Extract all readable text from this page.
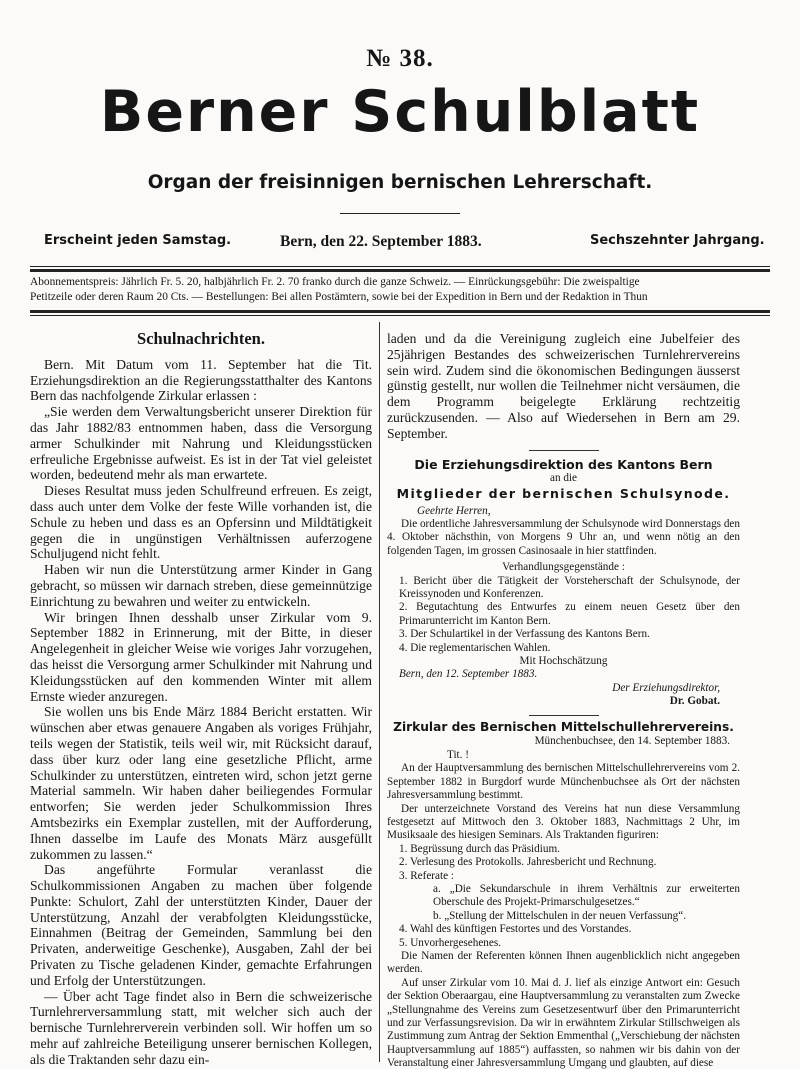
№ 38.
Berner Schulblatt
Organ der freisinnigen bernischen Lehrerschaft.
Erscheint jeden Samstag.	Bern, den 22. September 1883.	Sechszehnter Jahrgang.
Abonnementspreis: Jährlich Fr. 5. 20, halbjährlich Fr. 2. 70 franko durch die ganze Schweiz. — Einrückungsgebühr: Die zweispaltige
Petitzeile oder deren Raum 20 Cts. — Bestellungen: Bei allen Postämtern, sowie bei der Expedition in Bern und der Redaktion in Thun
Schulnachrichten.

Bern. Mit Datum vom 11. September hat die Tit. Erziehungsdirektion an die Regierungsstatthalter des Kantons Bern das nachfolgende Zirkular erlassen :

„Sie werden dem Verwaltungsbericht unserer Direktion für das Jahr 1882/83 entnommen haben, dass die Versorgung armer Schulkinder mit Nahrung und Kleidungsstücken erfreuliche Ergebnisse aufweist. Es ist in der Tat viel geleistet worden, bedeutend mehr als man erwartete.

Dieses Resultat muss jeden Schulfreund erfreuen. Es zeigt, dass auch unter dem Volke der feste Wille vorhanden ist, die Schule zu heben und dass es an Opfersinn und Mildtätigkeit gegen die in ungünstigen Verhältnissen auferzogene Schuljugend nicht fehlt.

Haben wir nun die Unterstützung armer Kinder in Gang gebracht, so müssen wir darnach streben, diese gemeinnützige Einrichtung zu bewahren und weiter zu entwickeln.

Wir bringen Ihnen desshalb unser Zirkular vom 9. September 1882 in Erinnerung, mit der Bitte, in dieser Angelegenheit in gleicher Weise wie voriges Jahr vorzugehen, das heisst die Versorgung armer Schulkinder mit Nahrung und Kleidungsstücken auf den kommenden Winter mit allem Ernste wieder anzuregen.

Sie wollen uns bis Ende März 1884 Bericht erstatten. Wir wünschen aber etwas genauere Angaben als voriges Frühjahr, teils wegen der Statistik, teils weil wir, mit Rücksicht darauf, dass über kurz oder lang eine gesetzliche Pflicht, arme Schulkinder zu unterstützen, eintreten wird, schon jetzt gerne Material sammeln. Wir haben daher beiliegendes Formular entworfen; Sie werden jeder Schulkommission Ihres Amtsbezirks ein Exemplar zustellen, mit der Aufforderung, Ihnen dasselbe im Laufe des Monats März ausgefüllt zukommen zu lassen.“

Das angeführte Formular veranlasst die Schulkommissionen Angaben zu machen über folgende Punkte: Schulort, Zahl der unterstützten Kinder, Dauer der Unterstützung, Anzahl der verabfolgten Kleidungsstücke, Einnahmen (Beitrag der Gemeinden, Sammlung bei den Privaten, anderweitige Geschenke), Ausgaben, Zahl der bei Privaten zu Tische geladenen Kinder, gemachte Erfahrungen und Erfolg der Unterstützungen.

— Über acht Tage findet also in Bern die schweizerische Turnlehrerversammlung statt, mit welcher sich auch der bernische Turnlehrerverein verbinden soll. Wir hoffen um so mehr auf zahlreiche Beteiligung unserer bernischen Kollegen, als die Traktanden sehr dazu ein-

laden und da die Vereinigung zugleich eine Jubelfeier des 25jährigen Bestandes des schweizerischen Turnlehrervereins sein wird. Zudem sind die ökonomischen Bedingungen äusserst günstig gestellt, nur wollen die Teilnehmer nicht versäumen, die dem Programm beigelegte Erklärung rechtzeitig zurückzusenden. — Also auf Wiedersehen in Bern am 29. September.

Die Erziehungsdirektion des Kantons Bern
an die
Mitglieder der bernischen Schulsynode.
Geehrte Herren,
Die ordentliche Jahresversammlung der Schulsynode wird Donnerstags den 4. Oktober nächsthin, von Morgens 9 Uhr an, und wenn nötig an den folgenden Tagen, im grossen Casinosaale in hier stattfinden.
Verhandlungsgegenstände :
1. Bericht über die Tätigkeit der Vorsteherschaft der Schulsynode, der Kreissynoden und Konferenzen.
2. Begutachtung des Entwurfes zu einem neuen Gesetz über den Primarunterricht im Kanton Bern.
3. Der Schulartikel in der Verfassung des Kantons Bern.
4. Die reglementarischen Wahlen.
Mit Hochschätzung
Bern, den 12. September 1883.
Der Erziehungsdirektor,
Dr. Gobat.
Zirkular des Bernischen Mittelschullehrervereins.
Münchenbuchsee, den 14. September 1883.
Tit. !
An der Hauptversammlung des bernischen Mittelschullehrervereins vom 2. September 1882 in Burgdorf wurde Münchenbuchsee als Ort der nächsten Jahresversammlung bestimmt.
Der unterzeichnete Vorstand des Vereins hat nun diese Versammlung festgesetzt auf Mittwoch den 3. Oktober 1883, Nachmittags 2 Uhr, im Musiksaale des hiesigen Seminars. Als Traktanden figuriren:
1. Begrüssung durch das Präsidium.
2. Verlesung des Protokolls. Jahresbericht und Rechnung.
3. Referate :
a. „Die Sekundarschule in ihrem Verhältnis zur erweiterten Oberschule des Projekt-Primarschulgesetzes.“
b. „Stellung der Mittelschulen in der neuen Verfassung“.
4. Wahl des künftigen Festortes und des Vorstandes.
5. Unvorhergesehenes.
Die Namen der Referenten können Ihnen augenblicklich nicht angegeben werden.
Auf unser Zirkular vom 10. Mai d. J. lief als einzige Antwort ein: Gesuch der Sektion Oberaargau, eine Hauptversammlung zu veranstalten zum Zwecke „Stellungnahme des Vereins zum Gesetzesentwurf über den Primarunterricht und zur Verfassungsrevision. Da wir in erwähntem Zirkular Stillschweigen als Zustimmung zum Antrag der Sektion Emmenthal („Verschiebung der nächsten Hauptversammlung auf 1885“) auffassten, so nahmen wir bis dahin von der Veranstaltung einer Jahresversammlung Umgang und glaubten, auf diese
